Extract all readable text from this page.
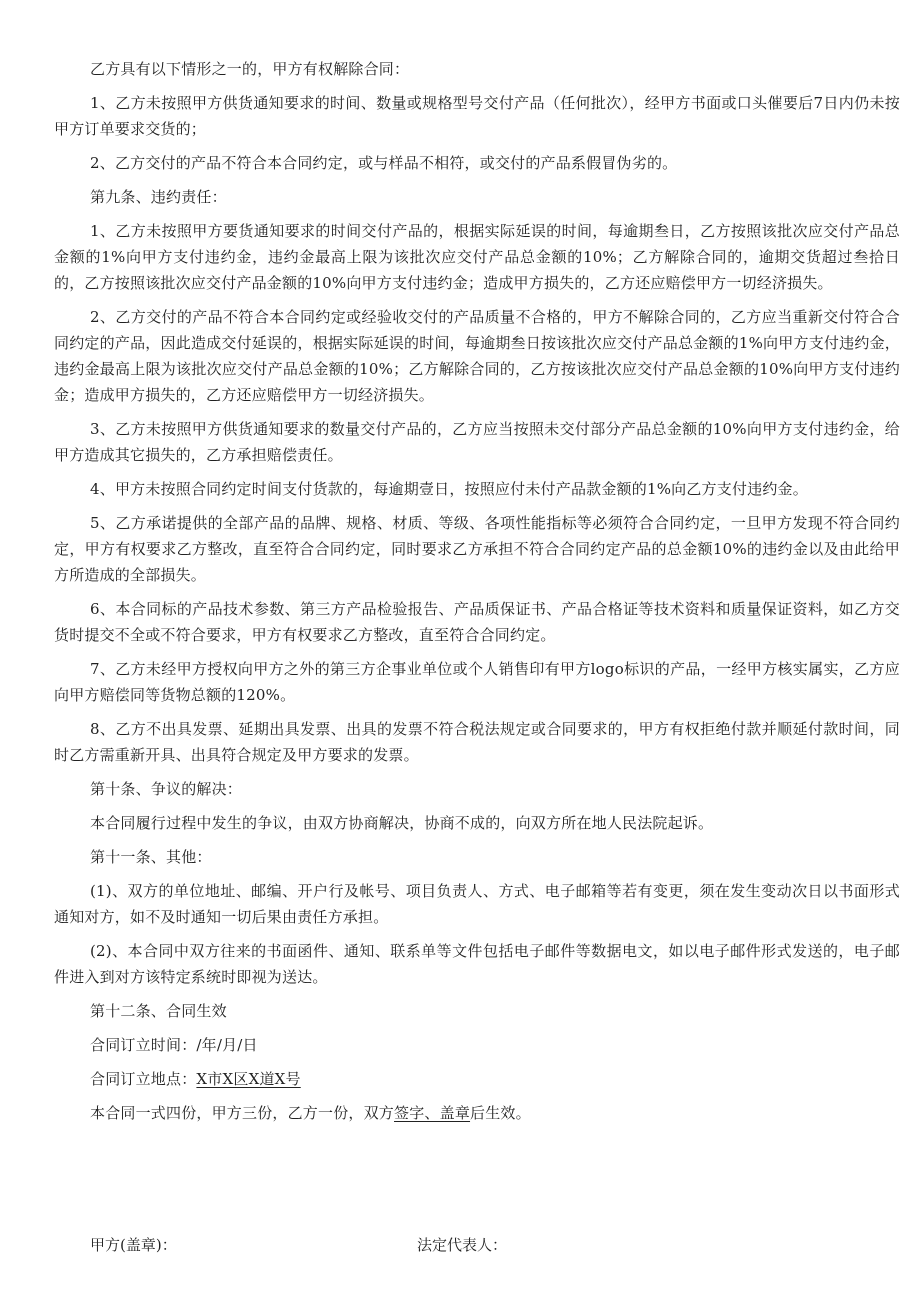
乙方具有以下情形之一的，甲方有权解除合同：

1、乙方未按照甲方供货通知要求的时间、数量或规格型号交付产品（任何批次），经甲方书面或口头催要后7日内仍未按甲方订单要求交货的；

2、乙方交付的产品不符合本合同约定，或与样品不相符，或交付的产品系假冒伪劣的。

第九条、违约责任：

1、乙方未按照甲方要货通知要求的时间交付产品的，根据实际延误的时间，每逾期叁日，乙方按照该批次应交付产品总金额的1%向甲方支付违约金，违约金最高上限为该批次应交付产品总金额的10%；乙方解除合同的，逾期交货超过叁拾日的，乙方按照该批次应交付产品金额的10%向甲方支付违约金；造成甲方损失的，乙方还应赔偿甲方一切经济损失。

2、乙方交付的产品不符合本合同约定或经验收交付的产品质量不合格的，甲方不解除合同的，乙方应当重新交付符合合同约定的产品，因此造成交付延误的，根据实际延误的时间，每逾期叁日按该批次应交付产品总金额的1%向甲方支付违约金，违约金最高上限为该批次应交付产品总金额的10%；乙方解除合同的，乙方按该批次应交付产品总金额的10%向甲方支付违约金；造成甲方损失的，乙方还应赔偿甲方一切经济损失。

3、乙方未按照甲方供货通知要求的数量交付产品的，乙方应当按照未交付部分产品总金额的10%向甲方支付违约金，给甲方造成其它损失的，乙方承担赔偿责任。

4、甲方未按照合同约定时间支付货款的，每逾期壹日，按照应付未付产品款金额的1%向乙方支付违约金。

5、乙方承诺提供的全部产品的品牌、规格、材质、等级、各项性能指标等必须符合合同约定，一旦甲方发现不符合同约定，甲方有权要求乙方整改，直至符合合同约定，同时要求乙方承担不符合合同约定产品的总金额10%的违约金以及由此给甲方所造成的全部损失。

6、本合同标的产品技术参数、第三方产品检验报告、产品质保证书、产品合格证等技术资料和质量保证资料，如乙方交货时提交不全或不符合要求，甲方有权要求乙方整改，直至符合合同约定。

7、乙方未经甲方授权向甲方之外的第三方企事业单位或个人销售印有甲方logo标识的产品，一经甲方核实属实，乙方应向甲方赔偿同等货物总额的120%。

8、乙方不出具发票、延期出具发票、出具的发票不符合税法规定或合同要求的，甲方有权拒绝付款并顺延付款时间，同时乙方需重新开具、出具符合规定及甲方要求的发票。

第十条、争议的解决：

本合同履行过程中发生的争议，由双方协商解决，协商不成的，向双方所在地人民法院起诉。

第十一条、其他：

(1)、双方的单位地址、邮编、开户行及帐号、项目负责人、方式、电子邮箱等若有变更，须在发生变动次日以书面形式通知对方，如不及时通知一切后果由责任方承担。

(2)、本合同中双方往来的书面函件、通知、联系单等文件包括电子邮件等数据电文，如以电子邮件形式发送的，电子邮件进入到对方该特定系统时即视为送达。

第十二条、合同生效

合同订立时间：/年/月/日

合同订立地点：X市X区X道X号

本合同一式四份，甲方三份，乙方一份，双方签字、盖章后生效。

甲方(盖章)：	法定代表人：
